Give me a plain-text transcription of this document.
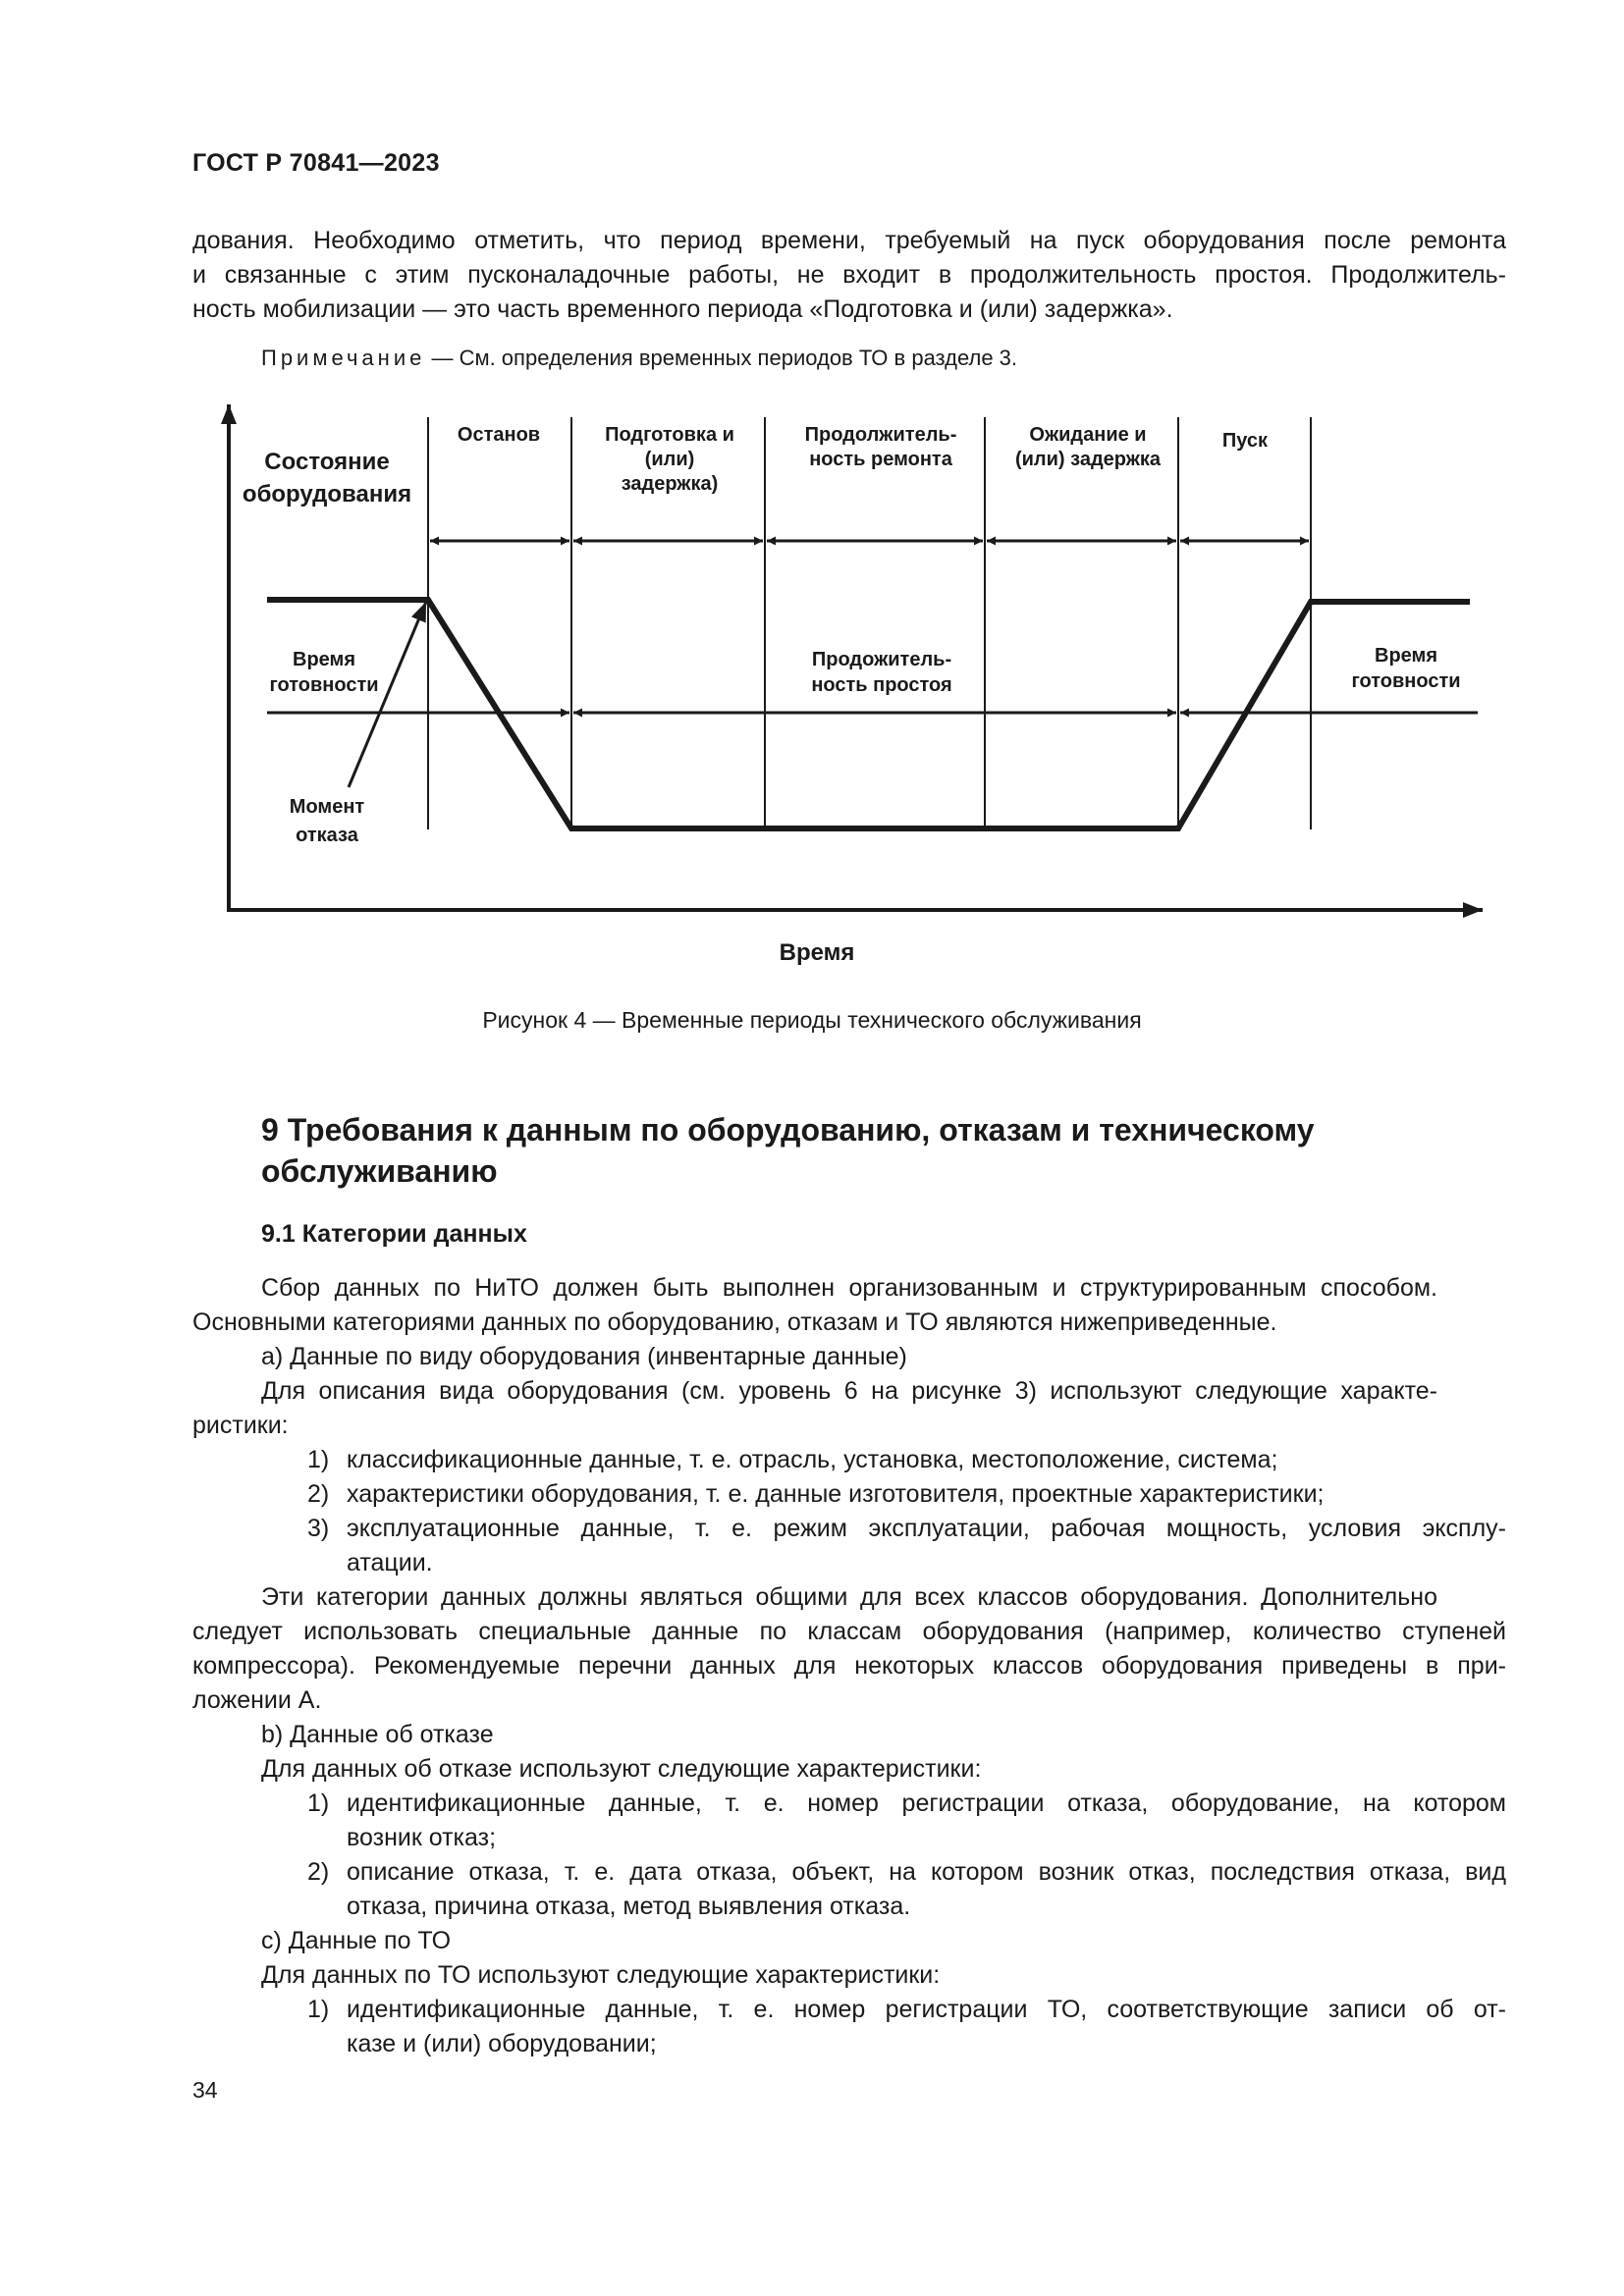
ГОСТ Р 70841—2023
дования. Необходимо отметить, что период времени, требуемый на пуск оборудования после ремонта
и связанные с этим пусконаладочные работы, не входит в продолжительность простоя. Продолжитель-
ность мобилизации — это часть временного периода «Подготовка и (или) задержка».
Примечание — См. определения временных периодов ТО в разделе 3.
Состояние
оборудования
Время
Останов	Подготовка и
(или)
задержка)
Продолжитель-
ность ремонта
Ожидание и
(или) задержка
Пуск
Время
готовности
Время
готовности
Продожитель-
ность простоя
Момент
отказа
Рисунок 4 — Временные периоды технического обслуживания
9 Требования к данным по оборудованию, отказам и техническому
обслуживанию
9.1 Категории данных
Сбор данных по НиТО должен быть выполнен организованным и структурированным способом.
Основными категориями данных по оборудованию, отказам и ТО являются нижеприведенные.
a) Данные по виду оборудования (инвентарные данные)
Для описания вида оборудования (см. уровень 6 на рисунке 3) используют следующие характе-
ристики:
1) классификационные данные, т. е. отрасль, установка, местоположение, система;
2) характеристики оборудования, т. е. данные изготовителя, проектные характеристики;
3) эксплуатационные данные, т. е. режим эксплуатации, рабочая мощность, условия эксплу-
атации.
Эти категории данных должны являться общими для всех классов оборудования. Дополнительно
следует использовать специальные данные по классам оборудования (например, количество ступеней
компрессора). Рекомендуемые перечни данных для некоторых классов оборудования приведены в при-
ложении А.
b) Данные об отказе
Для данных об отказе используют следующие характеристики:
1) идентификационные данные, т. е. номер регистрации отказа, оборудование, на котором
возник отказ;
2) описание отказа, т. е. дата отказа, объект, на котором возник отказ, последствия отказа, вид
отказа, причина отказа, метод выявления отказа.
c) Данные по ТО
Для данных по ТО используют следующие характеристики:
1) идентификационные данные, т. е. номер регистрации ТО, соответствующие записи об от-
казе и (или) оборудовании;
34
